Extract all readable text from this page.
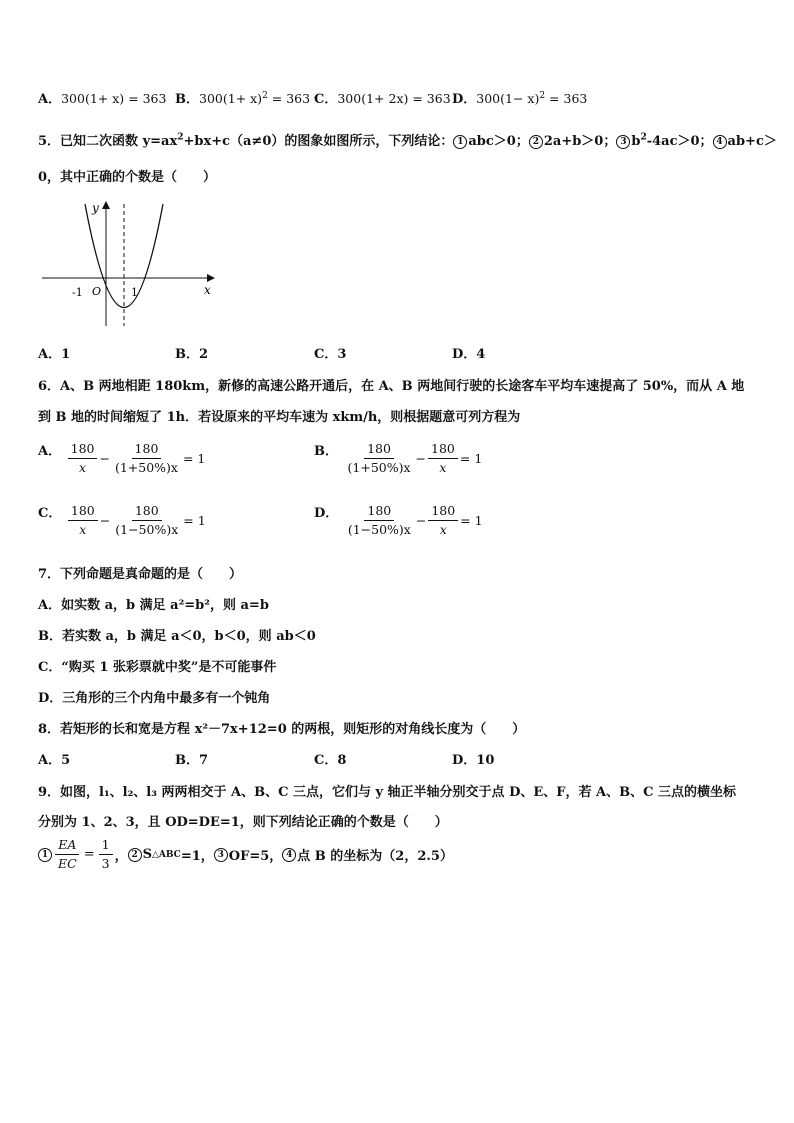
A．300(1+ x) = 363 B．$300(1+ x)^2 = 363$ C．300(1+ 2x) = 363 D．$300(1- x)^2 = 363$
5．已知二次函数 $y=ax^2+bx+c(a\ne 0)$的图象如图所示，下列结论： 1 abc＞0； 2 2a+b＞0； 3 $b^2-4ac>0$； 4 ab+c＞
0，其中正确的个数是（　　）
y
x
-1 O	1
A．1	B．2	C．3	D．4
6．A、B 两地相距 180km，新修的高速公路开通后，在 A、B 两地间行驶的长途客车平均车速提高了 50%，而从 A 地
到 B 地的时间缩短了 1h．若设原来的平均车速为 xkm/h，则根据题意可列方程为
A． $\frac{180}{x} - \frac{180}{(1+50\%)x} = 1$	B． $\frac{180}{(1+50\%)x} - \frac{180}{x} = 1$
C． $\frac{180}{x} - \frac{180}{(1-50\%)x} = 1$	D． $\frac{180}{(1-50\%)x} - \frac{180}{x} = 1$
7．下列命题是真命题的是（　　）
A．如实数 a，b 满足 a²=b²，则 a=b
B．若实数 a，b 满足 a＜0，b＜0，则 ab＜0
C．“购买 1 张彩票就中奖”是不可能事件
D．三角形的三个内角中最多有一个钝角
8．若矩形的长和宽是方程 x²－7x+12=0 的两根，则矩形的对角线长度为（　　）
A．5	B．7	C．8	D．10
9．如图，l₁、l₂、l₃ 两两相交于 A、B、C 三点，它们与 y 轴正半轴分别交于点 D、E、F，若 A、B、C 三点的横坐标
分别为 1、2、3，且 OD=DE=1，则下列结论正确的个数是（　　）
$1 \frac{EA}{EC} = \frac{1}{3}$ ， 2 S △ABC =1， 3 OF=5， 4 点 B 的坐标为（2，2.5）
